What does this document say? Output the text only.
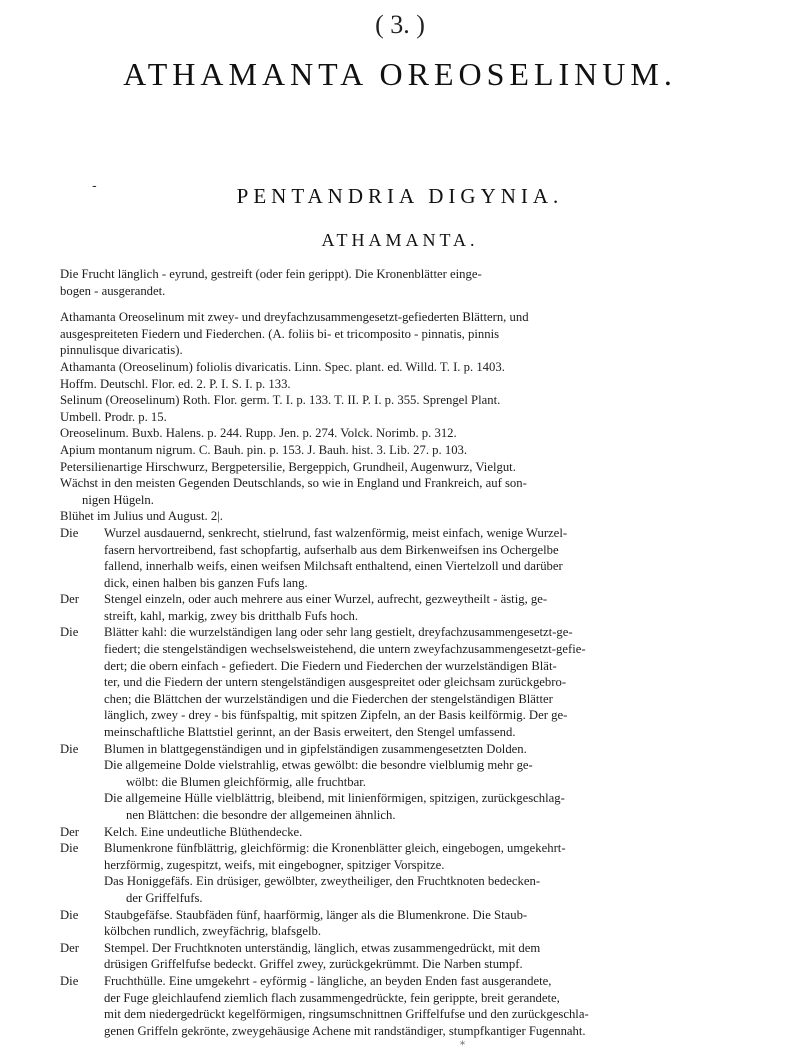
( 3. )
ATHAMANTA OREOSELINUM.
-	PENTANDRIA DIGYNIA.
ATHAMANTA.
Die Frucht länglich - eyrund, gestreift (oder fein gerippt). Die Kronenblätter einge-
bogen - ausgerandet.
Athamanta Oreoselinum mit zwey- und dreyfachzusammengesetzt-gefiederten Blättern, und
ausgespreiteten Fiedern und Fiederchen. (A. foliis bi- et tricomposito - pinnatis, pinnis
pinnulisque divaricatis).
Athamanta (Oreoselinum) foliolis divaricatis. Linn. Spec. plant. ed. Willd. T. I. p. 1403.
Hoffm. Deutschl. Flor. ed. 2. P. I. S. I. p. 133.
Selinum (Oreoselinum) Roth. Flor. germ. T. I. p. 133. T. II. P. I. p. 355. Sprengel Plant.
Umbell. Prodr. p. 15.
Oreoselinum. Buxb. Halens. p. 244. Rupp. Jen. p. 274. Volck. Norimb. p. 312.
Apium montanum nigrum. C. Bauh. pin. p. 153. J. Bauh. hist. 3. Lib. 27. p. 103.
Petersilienartige Hirschwurz, Bergpetersilie, Bergeppich, Grundheil, Augenwurz, Vielgut.
Wächst in den meisten Gegenden Deutschlands, so wie in England und Frankreich, auf son-
nigen Hügeln.
Blühet im Julius und August. 2|.
Die Wurzel ausdauernd, senkrecht, stielrund, fast walzenförmig, meist einfach, wenige Wurzel-
fasern hervortreibend, fast schopfartig, aufserhalb aus dem Birkenweifsen ins Ochergelbe
fallend, innerhalb weifs, einen weifsen Milchsaft enthaltend, einen Viertelzoll und darüber
dick, einen halben bis ganzen Fufs lang.
Der Stengel einzeln, oder auch mehrere aus einer Wurzel, aufrecht, gezweytheilt - ästig, ge-
streift, kahl, markig, zwey bis dritthalb Fufs hoch.
Die Blätter kahl: die wurzelständigen lang oder sehr lang gestielt, dreyfachzusammengesetzt-ge-
fiedert; die stengelständigen wechselsweistehend, die untern zweyfachzusammengesetzt-gefie-
dert; die obern einfach - gefiedert. Die Fiedern und Fiederchen der wurzelständigen Blät-
ter, und die Fiedern der untern stengelständigen ausgespreitet oder gleichsam zurückgebro-
chen; die Blättchen der wurzelständigen und die Fiederchen der stengelständigen Blätter
länglich, zwey - drey - bis fünfspaltig, mit spitzen Zipfeln, an der Basis keilförmig. Der ge-
meinschaftliche Blattstiel gerinnt, an der Basis erweitert, den Stengel umfassend.
Die Blumen in blattgegenständigen und in gipfelständigen zusammengesetzten Dolden.
Die allgemeine Dolde vielstrahlig, etwas gewölbt: die besondre vielblumig mehr ge-
wölbt: die Blumen gleichförmig, alle fruchtbar.
Die allgemeine Hülle vielblättrig, bleibend, mit linienförmigen, spitzigen, zurückgeschlag-
nen Blättchen: die besondre der allgemeinen ähnlich.
Der Kelch. Eine undeutliche Blüthendecke.
Die Blumenkrone fünfblättrig, gleichförmig: die Kronenblätter gleich, eingebogen, umgekehrt-
herzförmig, zugespitzt, weifs, mit eingebogner, spitziger Vorspitze.
Das Honiggefäfs. Ein drüsiger, gewölbter, zweytheiliger, den Fruchtknoten bedecken-
der Griffelfufs.
Die Staubgefäfse. Staubfäden fünf, haarförmig, länger als die Blumenkrone. Die Staub-
kölbchen rundlich, zweyfächrig, blafsgelb.
Der Stempel. Der Fruchtknoten unterständig, länglich, etwas zusammengedrückt, mit dem
drüsigen Griffelfufse bedeckt. Griffel zwey, zurückgekrümmt. Die Narben stumpf.
Die Fruchthülle. Eine umgekehrt - eyförmig - längliche, an beyden Enden fast ausgerandete,
der Fuge gleichlaufend ziemlich flach zusammengedrückte, fein gerippte, breit gerandete,
mit dem niedergedrückt kegelförmigen, ringsumschnittnen Griffelfufse und den zurückgeschla-
genen Griffeln gekrönte, zweygehäusige Achene mit randständiger, stumpfkantiger Fugennaht.
*
